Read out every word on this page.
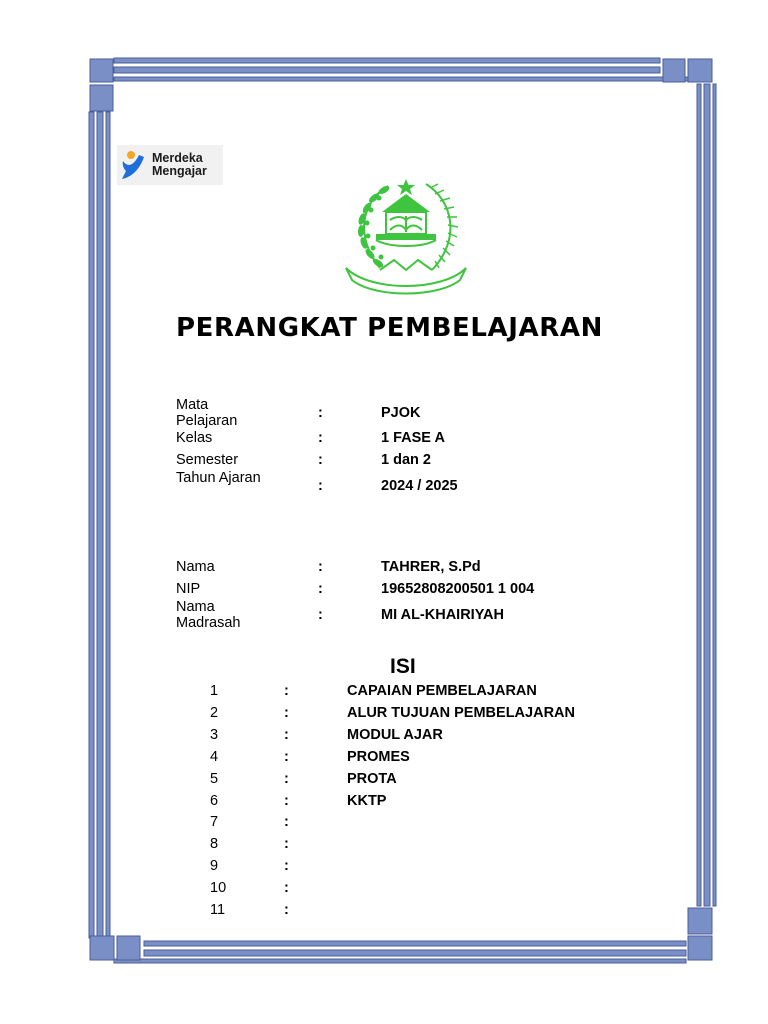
Merdeka
Mengajar
PERANGKAT PEMBELAJARAN
Mata Pelajaran	:	PJOK
Kelas	:	1 FASE A
Semester	:	1 dan 2
Tahun Ajaran	:	2024 / 2025
Nama	:	TAHRER, S.Pd
NIP	:	19652808200501 1 004
Nama Madrasah	:	MI AL-KHAIRIYAH
ISI
1	:	CAPAIAN PEMBELAJARAN
2	:	ALUR TUJUAN PEMBELAJARAN
3	:	MODUL AJAR
4	:	PROMES
5	:	PROTA
6	:	KKTP
7	:
8	:
9	:
10	:
11	:
